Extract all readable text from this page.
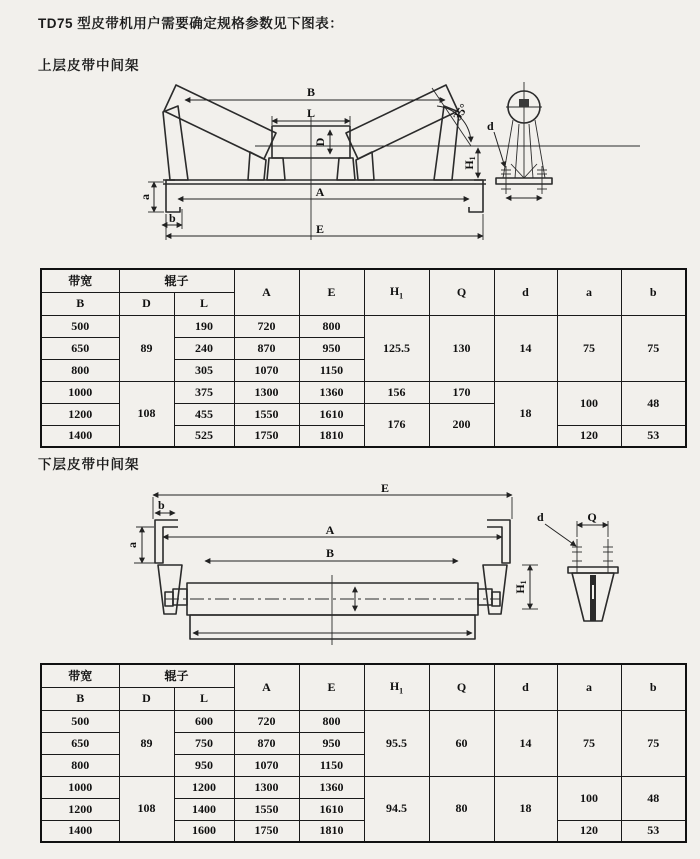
TD75 型皮带机用户需要确定规格参数见下图表：
上层皮带中间架
下层皮带中间架
B
L
D
A
E
a
b
H1
35°
d
带宽	辊子		A	E	$H_1$	Q	d	a	b
B	D	L							
500	89	190	720	800	125.5	130	14	75	75
650		240	870	950					
800		305	1070	1150					
1000	108	375	1300	1360	156	170	18	100	48
1200		455	1550	1610	176	200			
1400		525	1750	1810				120	53
E
b
A
a
B
H1
Q
d
带宽	辊子		A	E	$H_1$	Q	d	a	b
B	D	L							
500	89	600	720	800	95.5	60	14	75	75
650		750	870	950					
800		950	1070	1150					
1000	108	1200	1300	1360	94.5	80	18	100	48
1200		1400	1550	1610					
1400		1600	1750	1810				120	53
